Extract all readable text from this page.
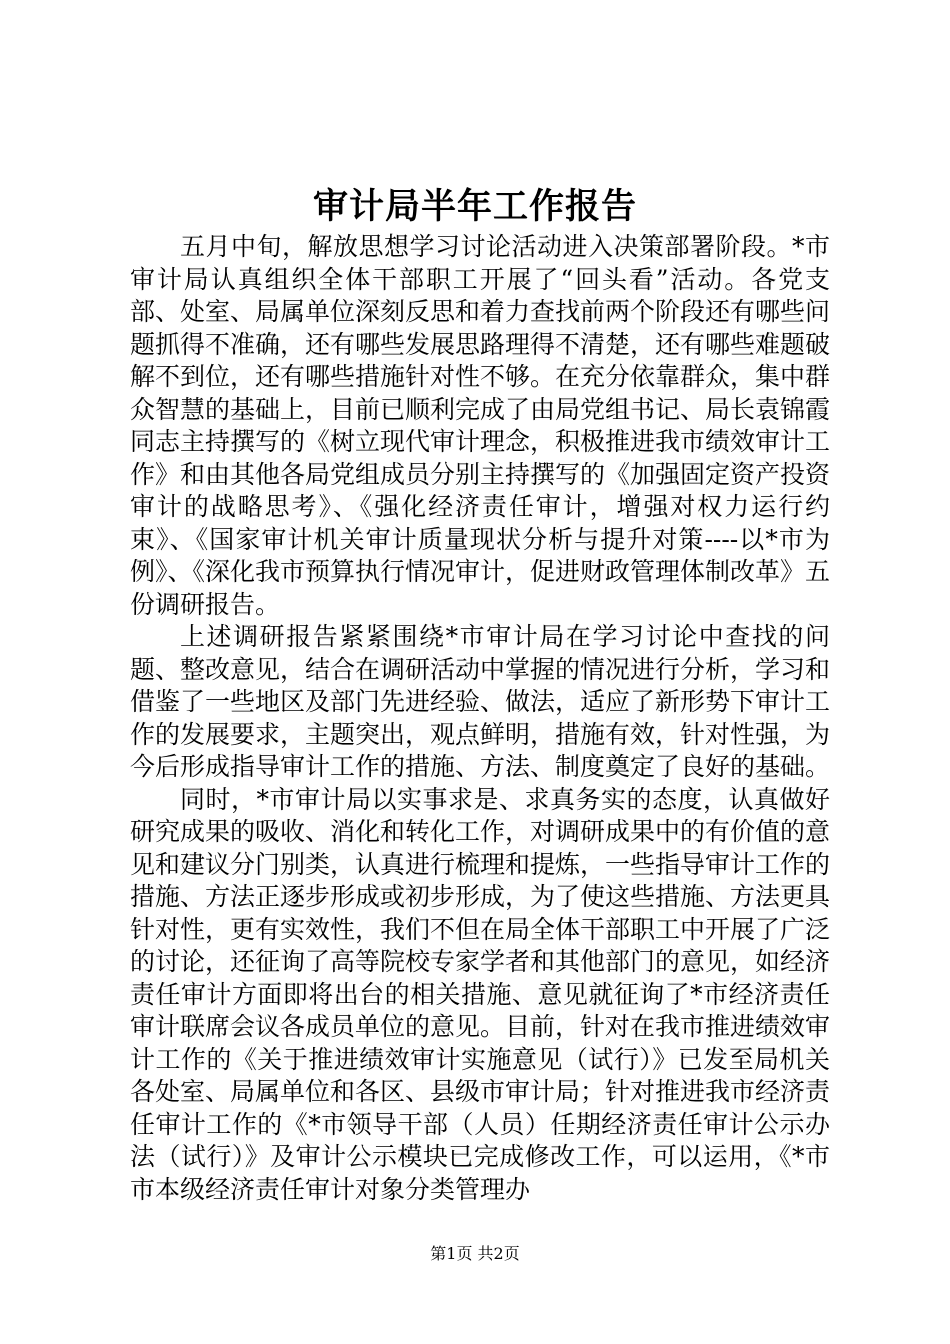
审计局半年工作报告

五月中旬，解放思想学习讨论活动进入决策部署阶段。*市审计局认真组织全体干部职工开展了“回头看”活动。各党支部、处室、局属单位深刻反思和着力查找前两个阶段还有哪些问题抓得不准确，还有哪些发展思路理得不清楚，还有哪些难题破解不到位，还有哪些措施针对性不够。在充分依靠群众，集中群众智慧的基础上，目前已顺利完成了由局党组书记、局长袁锦霞同志主持撰写的《树立现代审计理念，积极推进我市绩效审计工作》和由其他各局党组成员分别主持撰写的《加强固定资产投资审计的战略思考》、《强化经济责任审计，增强对权力运行约束》、《国家审计机关审计质量现状分析与提升对策----以*市为例》、《深化我市预算执行情况审计，促进财政管理体制改革》五份调研报告。

上述调研报告紧紧围绕*市审计局在学习讨论中查找的问题、整改意见，结合在调研活动中掌握的情况进行分析，学习和借鉴了一些地区及部门先进经验、做法，适应了新形势下审计工作的发展要求，主题突出，观点鲜明，措施有效，针对性强，为今后形成指导审计工作的措施、方法、制度奠定了良好的基础。

同时，*市审计局以实事求是、求真务实的态度，认真做好研究成果的吸收、消化和转化工作，对调研成果中的有价值的意见和建议分门别类，认真进行梳理和提炼，一些指导审计工作的措施、方法正逐步形成或初步形成，为了使这些措施、方法更具针对性，更有实效性，我们不但在局全体干部职工中开展了广泛的讨论，还征询了高等院校专家学者和其他部门的意见，如经济责任审计方面即将出台的相关措施、意见就征询了*市经济责任审计联席会议各成员单位的意见。目前，针对在我市推进绩效审计工作的《关于推进绩效审计实施意见（试行）》已发至局机关各处室、局属单位和各区、县级市审计局；针对推进我市经济责任审计工作的《*市领导干部（人员）任期经济责任审计公示办法（试行）》及审计公示模块已完成修改工作，可以运用，《*市市本级经济责任审计对象分类管理办

第1页 共2页
